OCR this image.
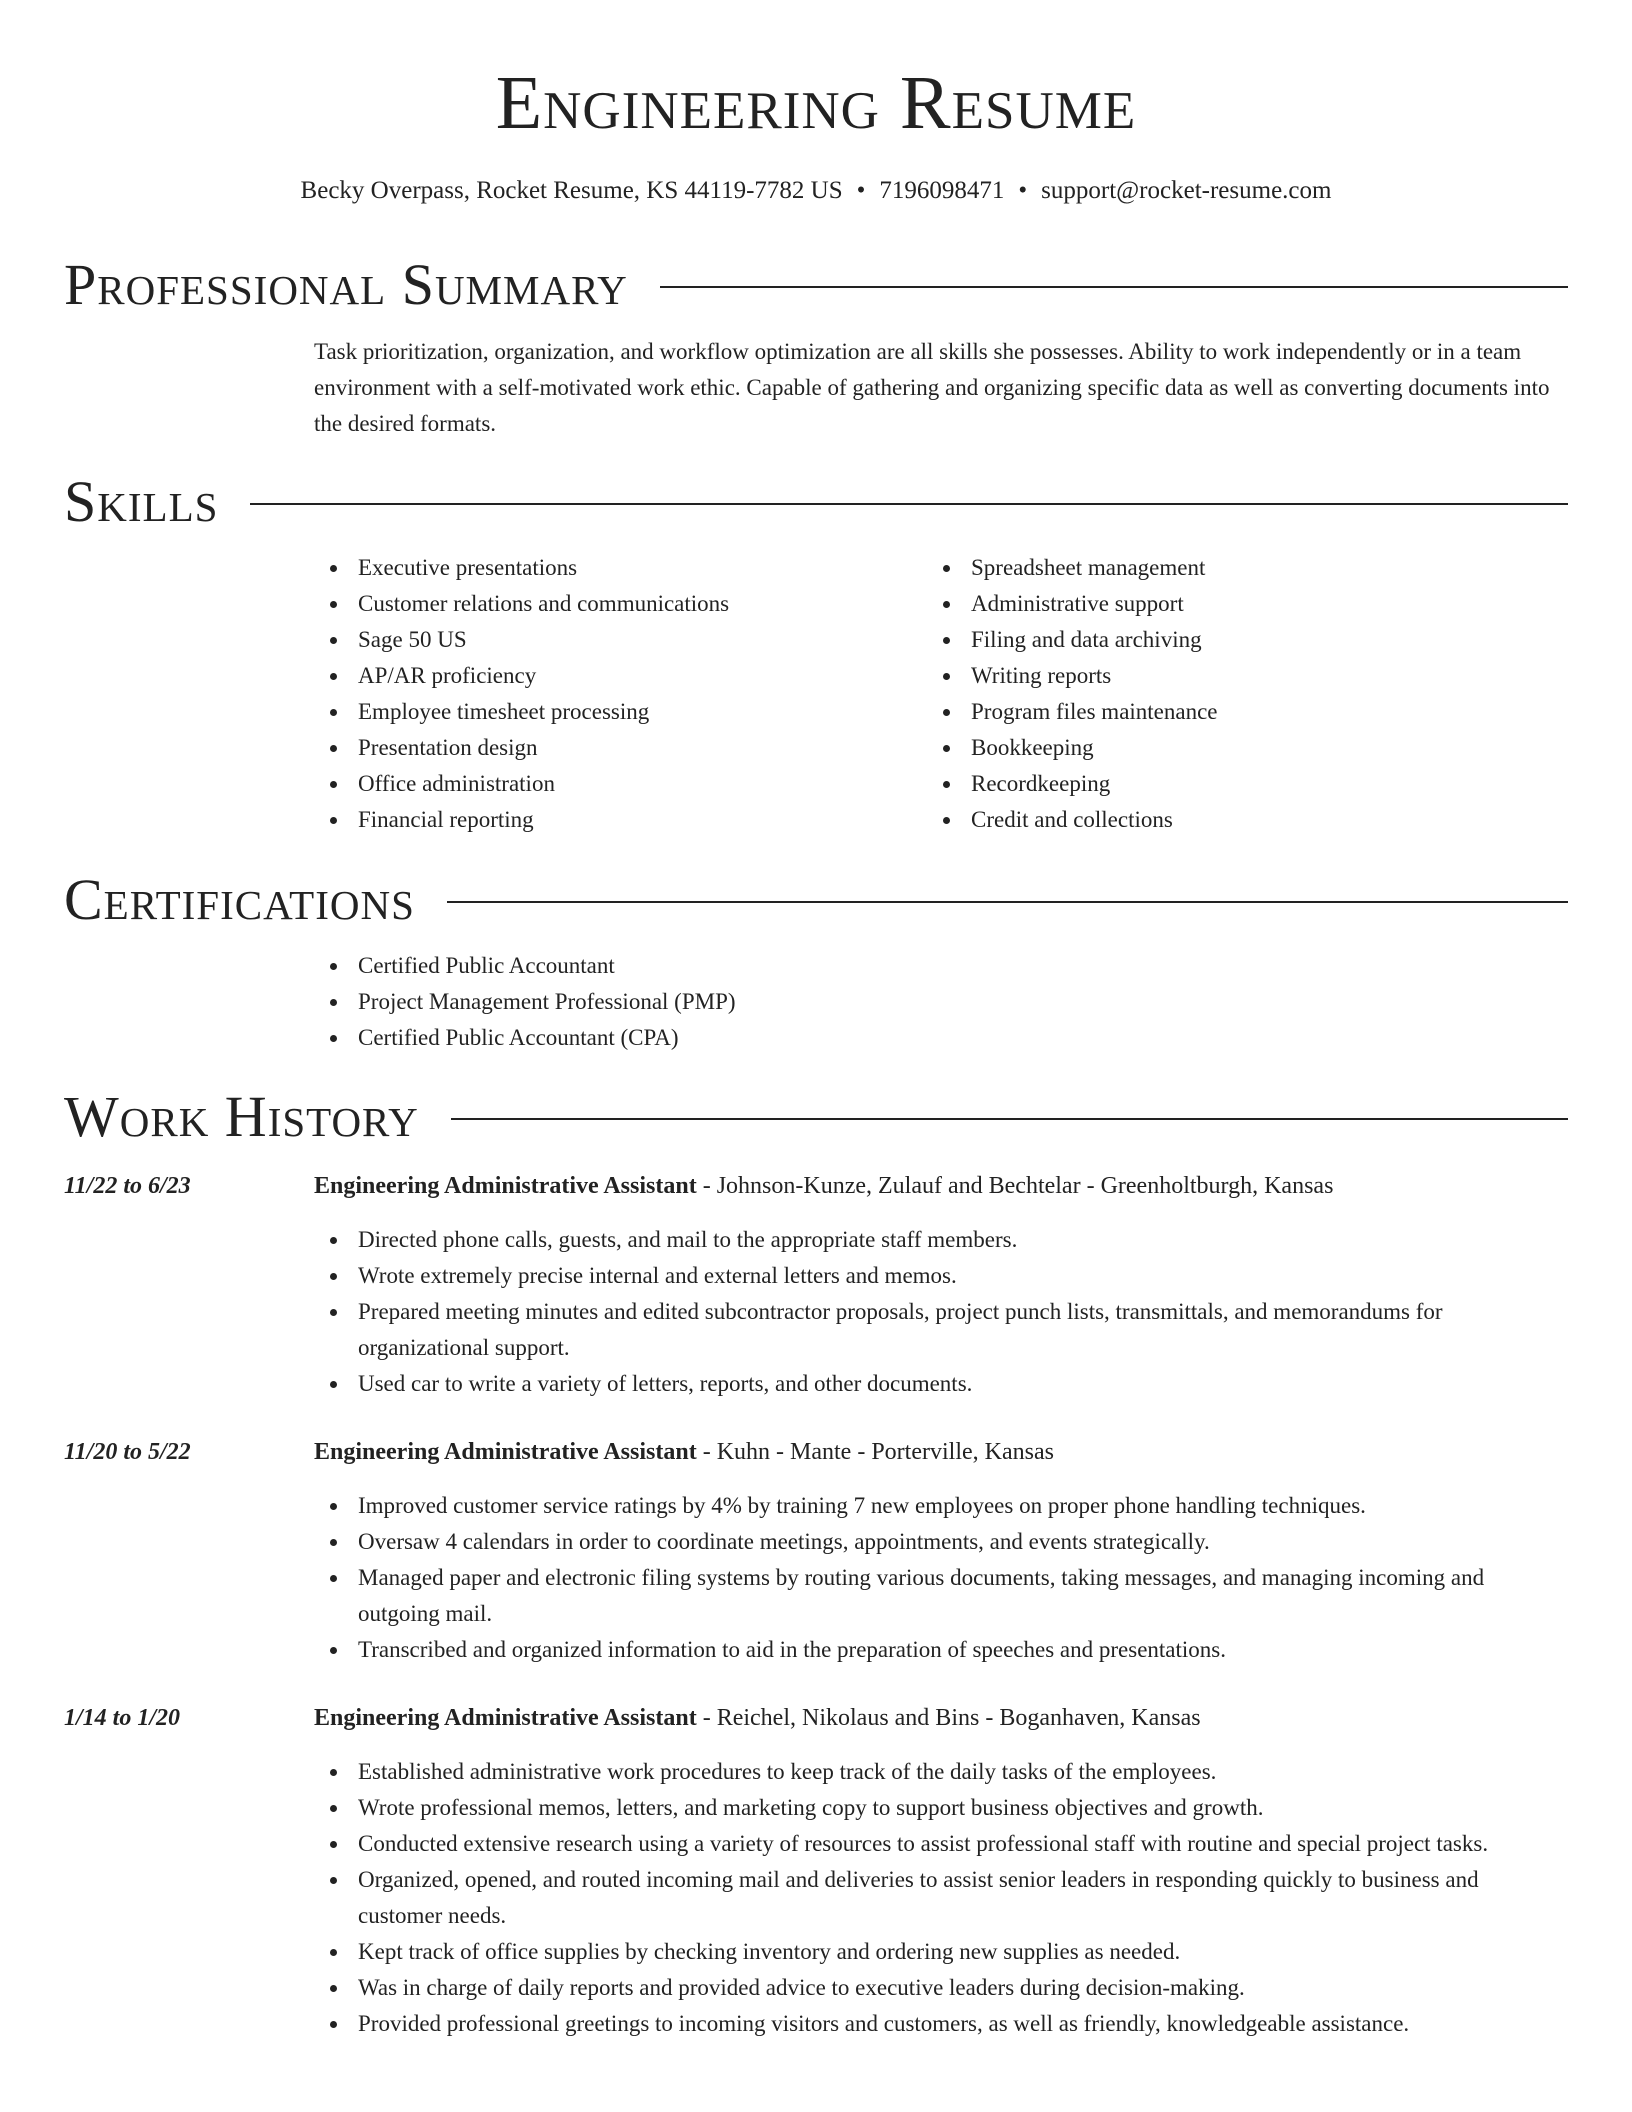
Engineering Resume
Becky Overpass, Rocket Resume, KS 44119-7782 US • 7196098471 • support@rocket-resume.com
Professional Summary
Task prioritization, organization, and workflow optimization are all skills she possesses. Ability to work independently or in a team environment with a self-motivated work ethic. Capable of gathering and organizing specific data as well as converting documents into the desired formats.
Skills
Executive presentations
Customer relations and communications
Sage 50 US
AP/AR proficiency
Employee timesheet processing
Presentation design
Office administration
Financial reporting
Spreadsheet management
Administrative support
Filing and data archiving
Writing reports
Program files maintenance
Bookkeeping
Recordkeeping
Credit and collections
Certifications
Certified Public Accountant
Project Management Professional (PMP)
Certified Public Accountant (CPA)
Work History
11/22 to 6/23	Engineering Administrative Assistant - Johnson-Kunze, Zulauf and Bechtelar - Greenholtburgh, Kansas
Directed phone calls, guests, and mail to the appropriate staff members.
Wrote extremely precise internal and external letters and memos.
Prepared meeting minutes and edited subcontractor proposals, project punch lists, transmittals, and memorandums for organizational support.
Used car to write a variety of letters, reports, and other documents.
11/20 to 5/22	Engineering Administrative Assistant - Kuhn - Mante - Porterville, Kansas
Improved customer service ratings by 4% by training 7 new employees on proper phone handling techniques.
Oversaw 4 calendars in order to coordinate meetings, appointments, and events strategically.
Managed paper and electronic filing systems by routing various documents, taking messages, and managing incoming and outgoing mail.
Transcribed and organized information to aid in the preparation of speeches and presentations.
1/14 to 1/20	Engineering Administrative Assistant - Reichel, Nikolaus and Bins - Boganhaven, Kansas
Established administrative work procedures to keep track of the daily tasks of the employees.
Wrote professional memos, letters, and marketing copy to support business objectives and growth.
Conducted extensive research using a variety of resources to assist professional staff with routine and special project tasks.
Organized, opened, and routed incoming mail and deliveries to assist senior leaders in responding quickly to business and customer needs.
Kept track of office supplies by checking inventory and ordering new supplies as needed.
Was in charge of daily reports and provided advice to executive leaders during decision-making.
Provided professional greetings to incoming visitors and customers, as well as friendly, knowledgeable assistance.
